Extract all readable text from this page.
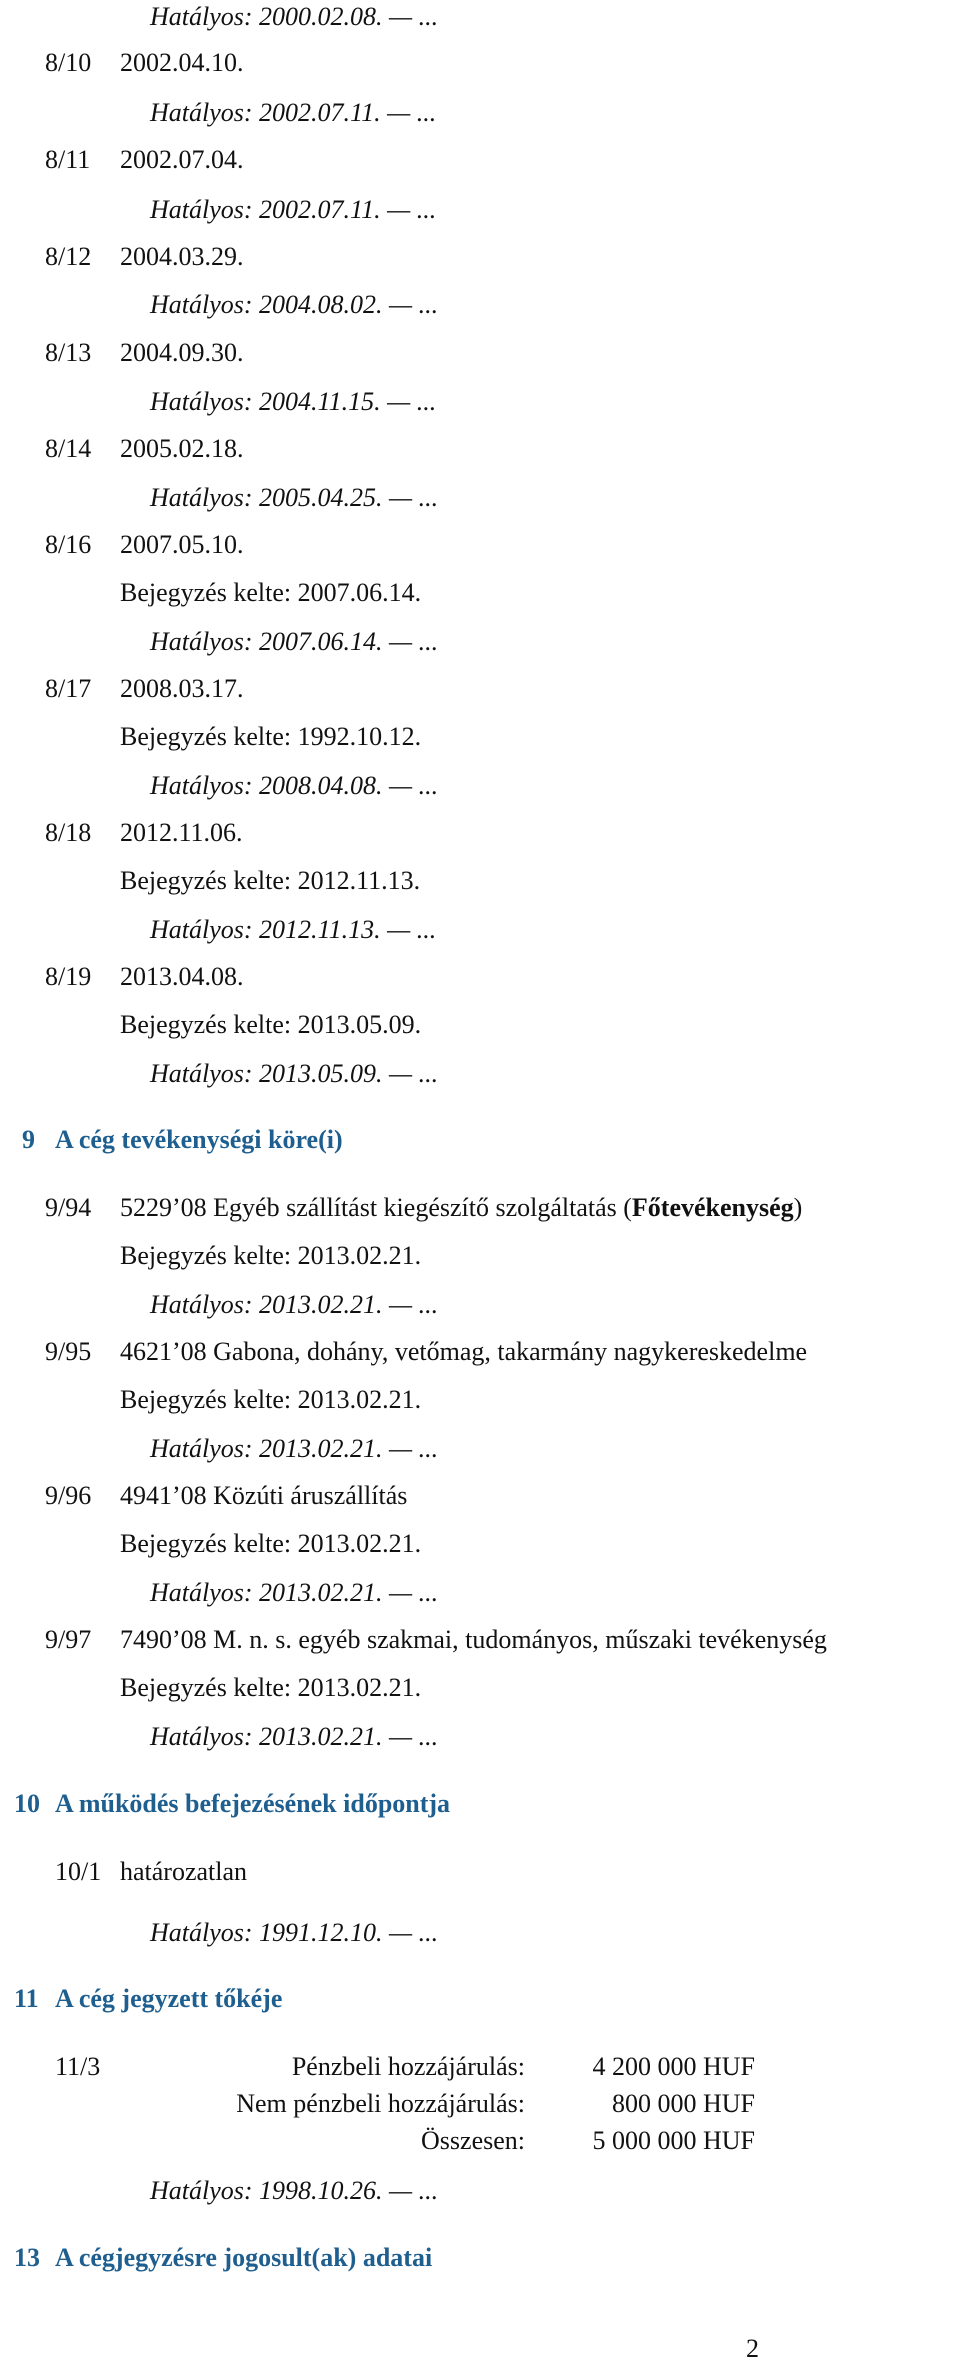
Hatályos: 2000.02.08. — ...
8/10 2002.04.10.
Hatályos: 2002.07.11. — ...
8/11 2002.07.04.
Hatályos: 2002.07.11. — ...
8/12 2004.03.29.
Hatályos: 2004.08.02. — ...
8/13 2004.09.30.
Hatályos: 2004.11.15. — ...
8/14 2005.02.18.
Hatályos: 2005.04.25. — ...
8/16 2007.05.10.
Bejegyzés kelte: 2007.06.14.
Hatályos: 2007.06.14. — ...
8/17 2008.03.17.
Bejegyzés kelte: 1992.10.12.
Hatályos: 2008.04.08. — ...
8/18 2012.11.06.
Bejegyzés kelte: 2012.11.13.
Hatályos: 2012.11.13. — ...
8/19 2013.04.08.
Bejegyzés kelte: 2013.05.09.
Hatályos: 2013.05.09. — ...
9 A cég tevékenységi köre(i)
9/94 5229’08 Egyéb szállítást kiegészítő szolgáltatás (Főtevékenység)
Bejegyzés kelte: 2013.02.21.
Hatályos: 2013.02.21. — ...
9/95 4621’08 Gabona, dohány, vetőmag, takarmány nagykereskedelme
Bejegyzés kelte: 2013.02.21.
Hatályos: 2013.02.21. — ...
9/96 4941’08 Közúti áruszállítás
Bejegyzés kelte: 2013.02.21.
Hatályos: 2013.02.21. — ...
9/97 7490’08 M. n. s. egyéb szakmai, tudományos, műszaki tevékenység
Bejegyzés kelte: 2013.02.21.
Hatályos: 2013.02.21. — ...
10 A működés befejezésének időpontja
10/1 határozatlan
Hatályos: 1991.12.10. — ...
11 A cég jegyzett tőkéje
11/3	Pénzbeli hozzájárulás:	4 200 000 HUF
Nem pénzbeli hozzájárulás:	800 000 HUF
Összesen:	5 000 000 HUF
Hatályos: 1998.10.26. — ...
13 A cégjegyzésre jogosult(ak) adatai
2
